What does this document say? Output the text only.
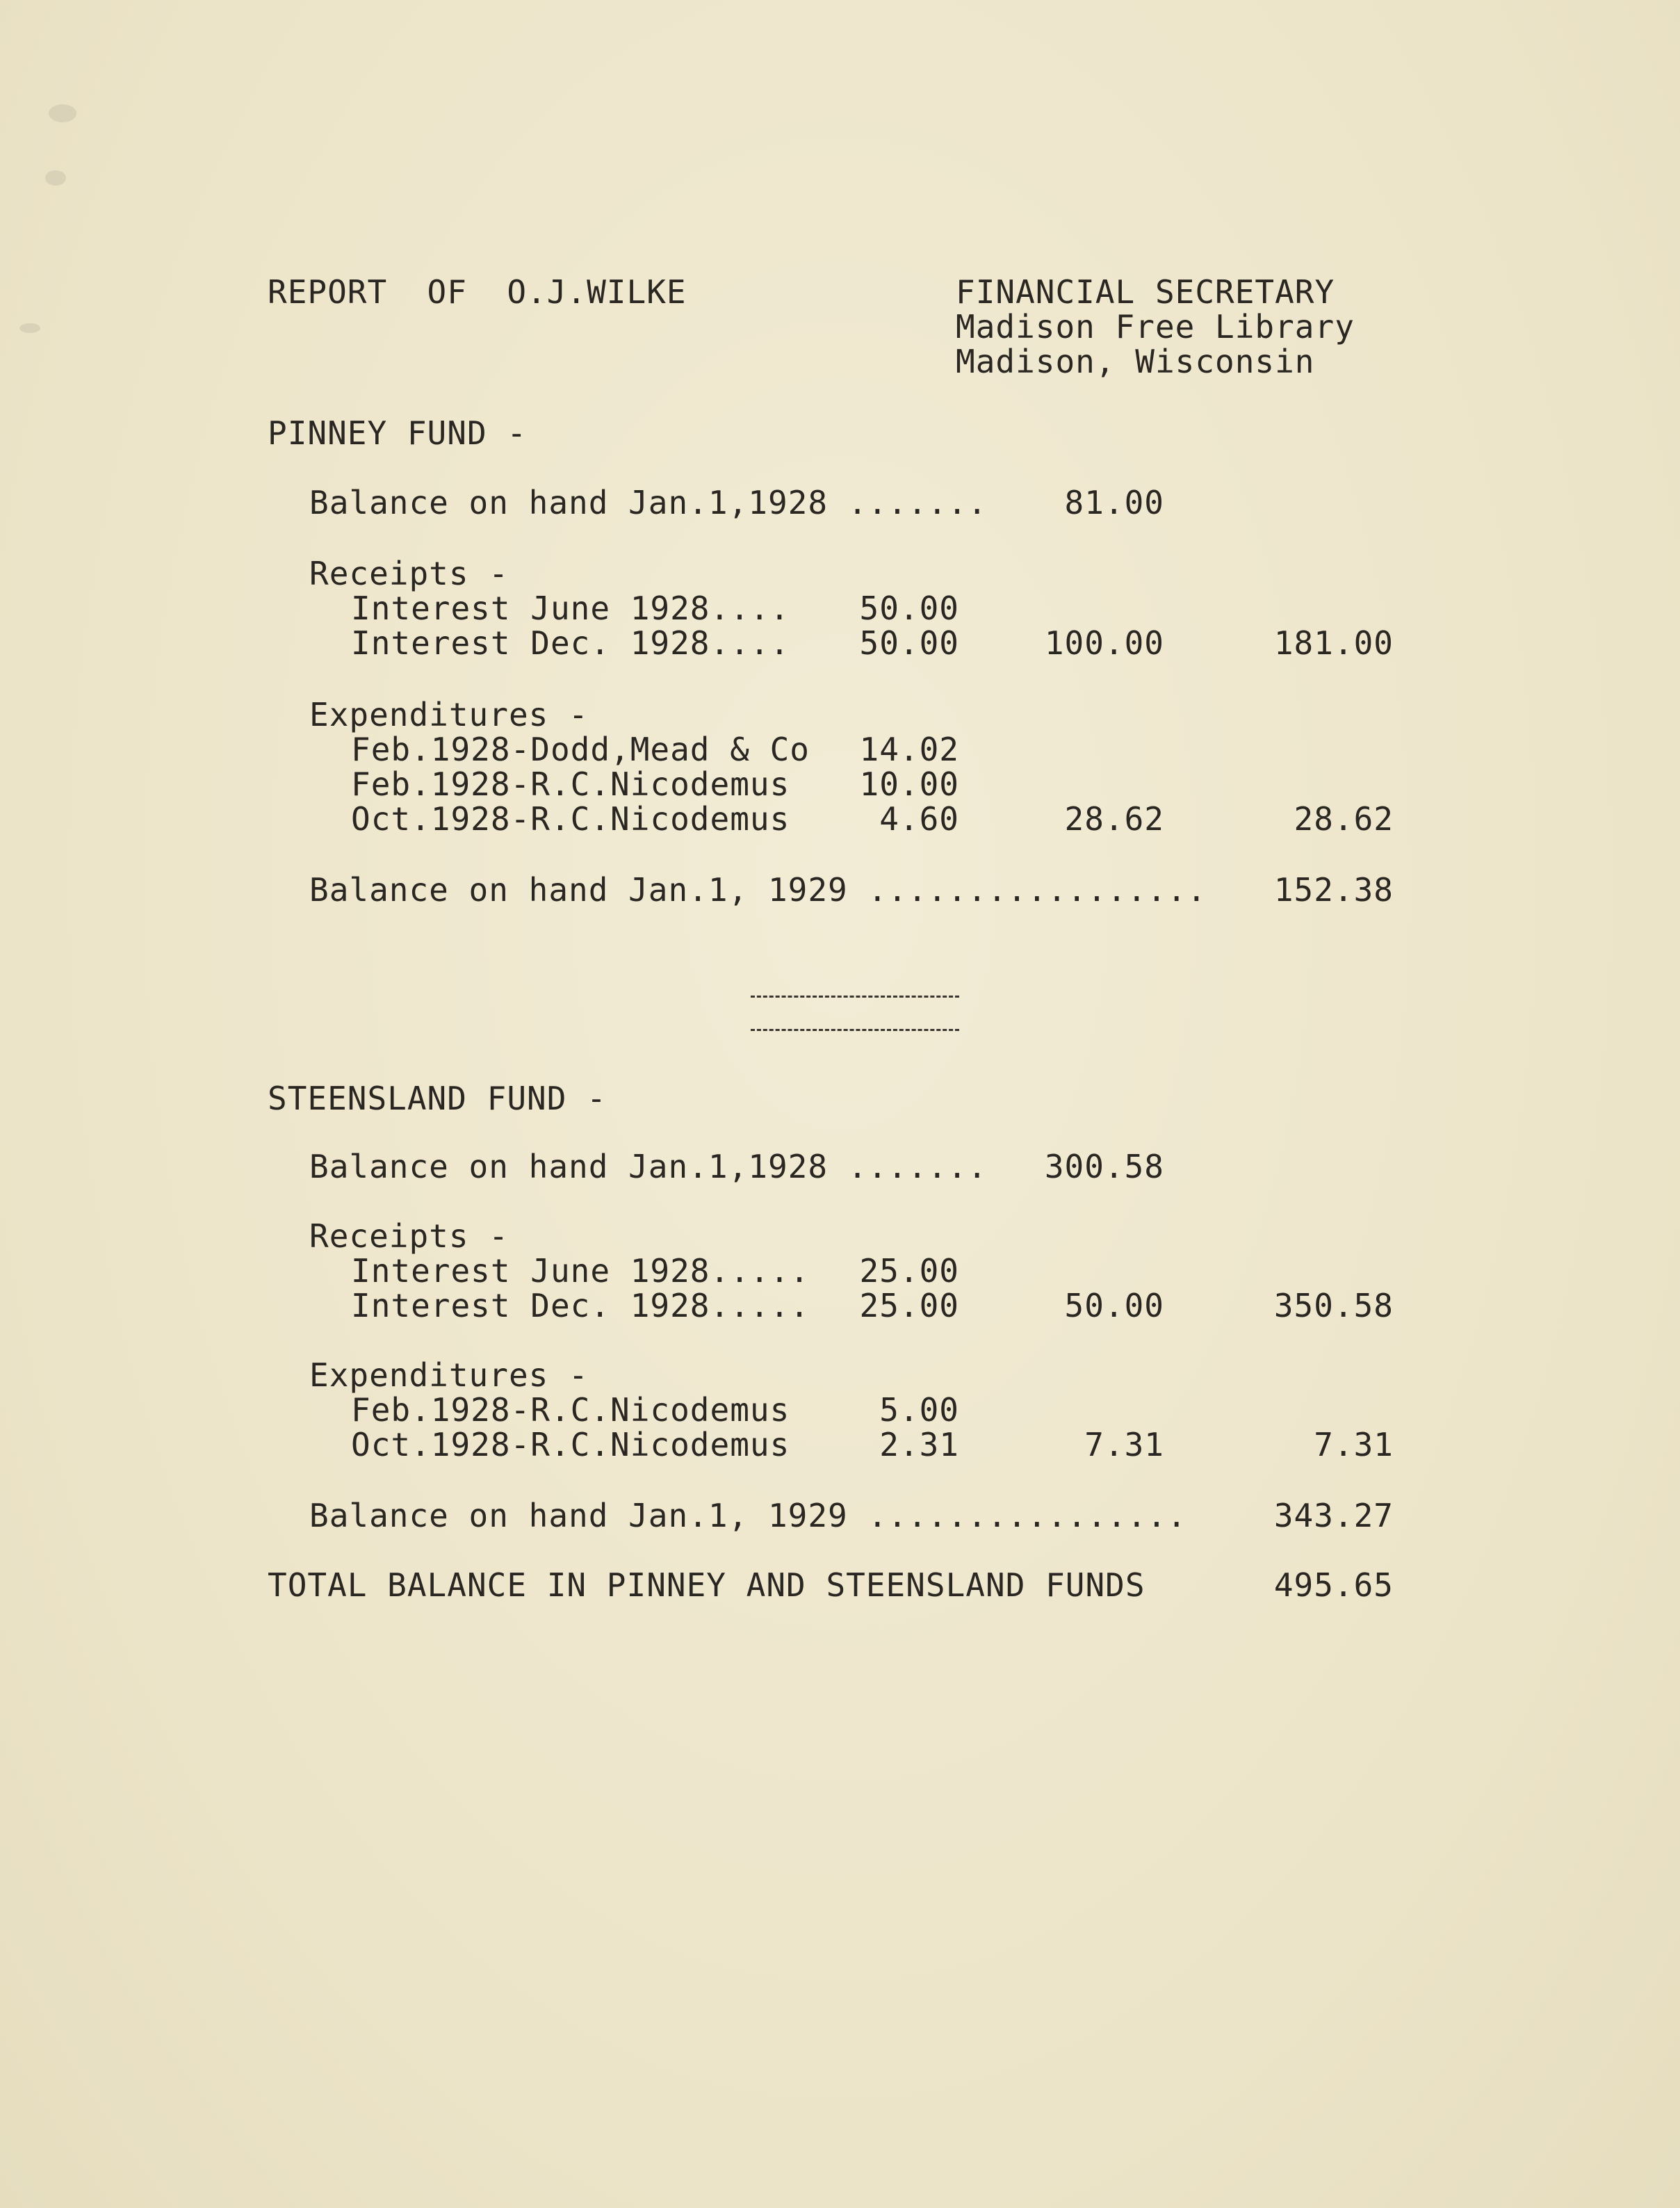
REPORT  OF  O.J.WILKE	FINANCIAL SECRETARY
Madison Free Library
Madison, Wisconsin
PINNEY FUND -
Balance on hand Jan.1,1928 .......	81.00
Receipts -
Interest June 1928....	50.00
Interest Dec. 1928....	50.00	100.00	181.00
Expenditures -
Feb.1928-Dodd,Mead & Co	14.02
Feb.1928-R.C.Nicodemus	10.00
Oct.1928-R.C.Nicodemus	4.60	28.62	28.62
Balance on hand Jan.1, 1929 .................	152.38
STEENSLAND FUND -
Balance on hand Jan.1,1928 .......	300.58
Receipts -
Interest June 1928.....	25.00
Interest Dec. 1928.....	25.00	50.00	350.58
Expenditures -
Feb.1928-R.C.Nicodemus	5.00
Oct.1928-R.C.Nicodemus	2.31	7.31	7.31
Balance on hand Jan.1, 1929 ................	343.27
TOTAL BALANCE IN PINNEY AND STEENSLAND FUNDS	495.65
